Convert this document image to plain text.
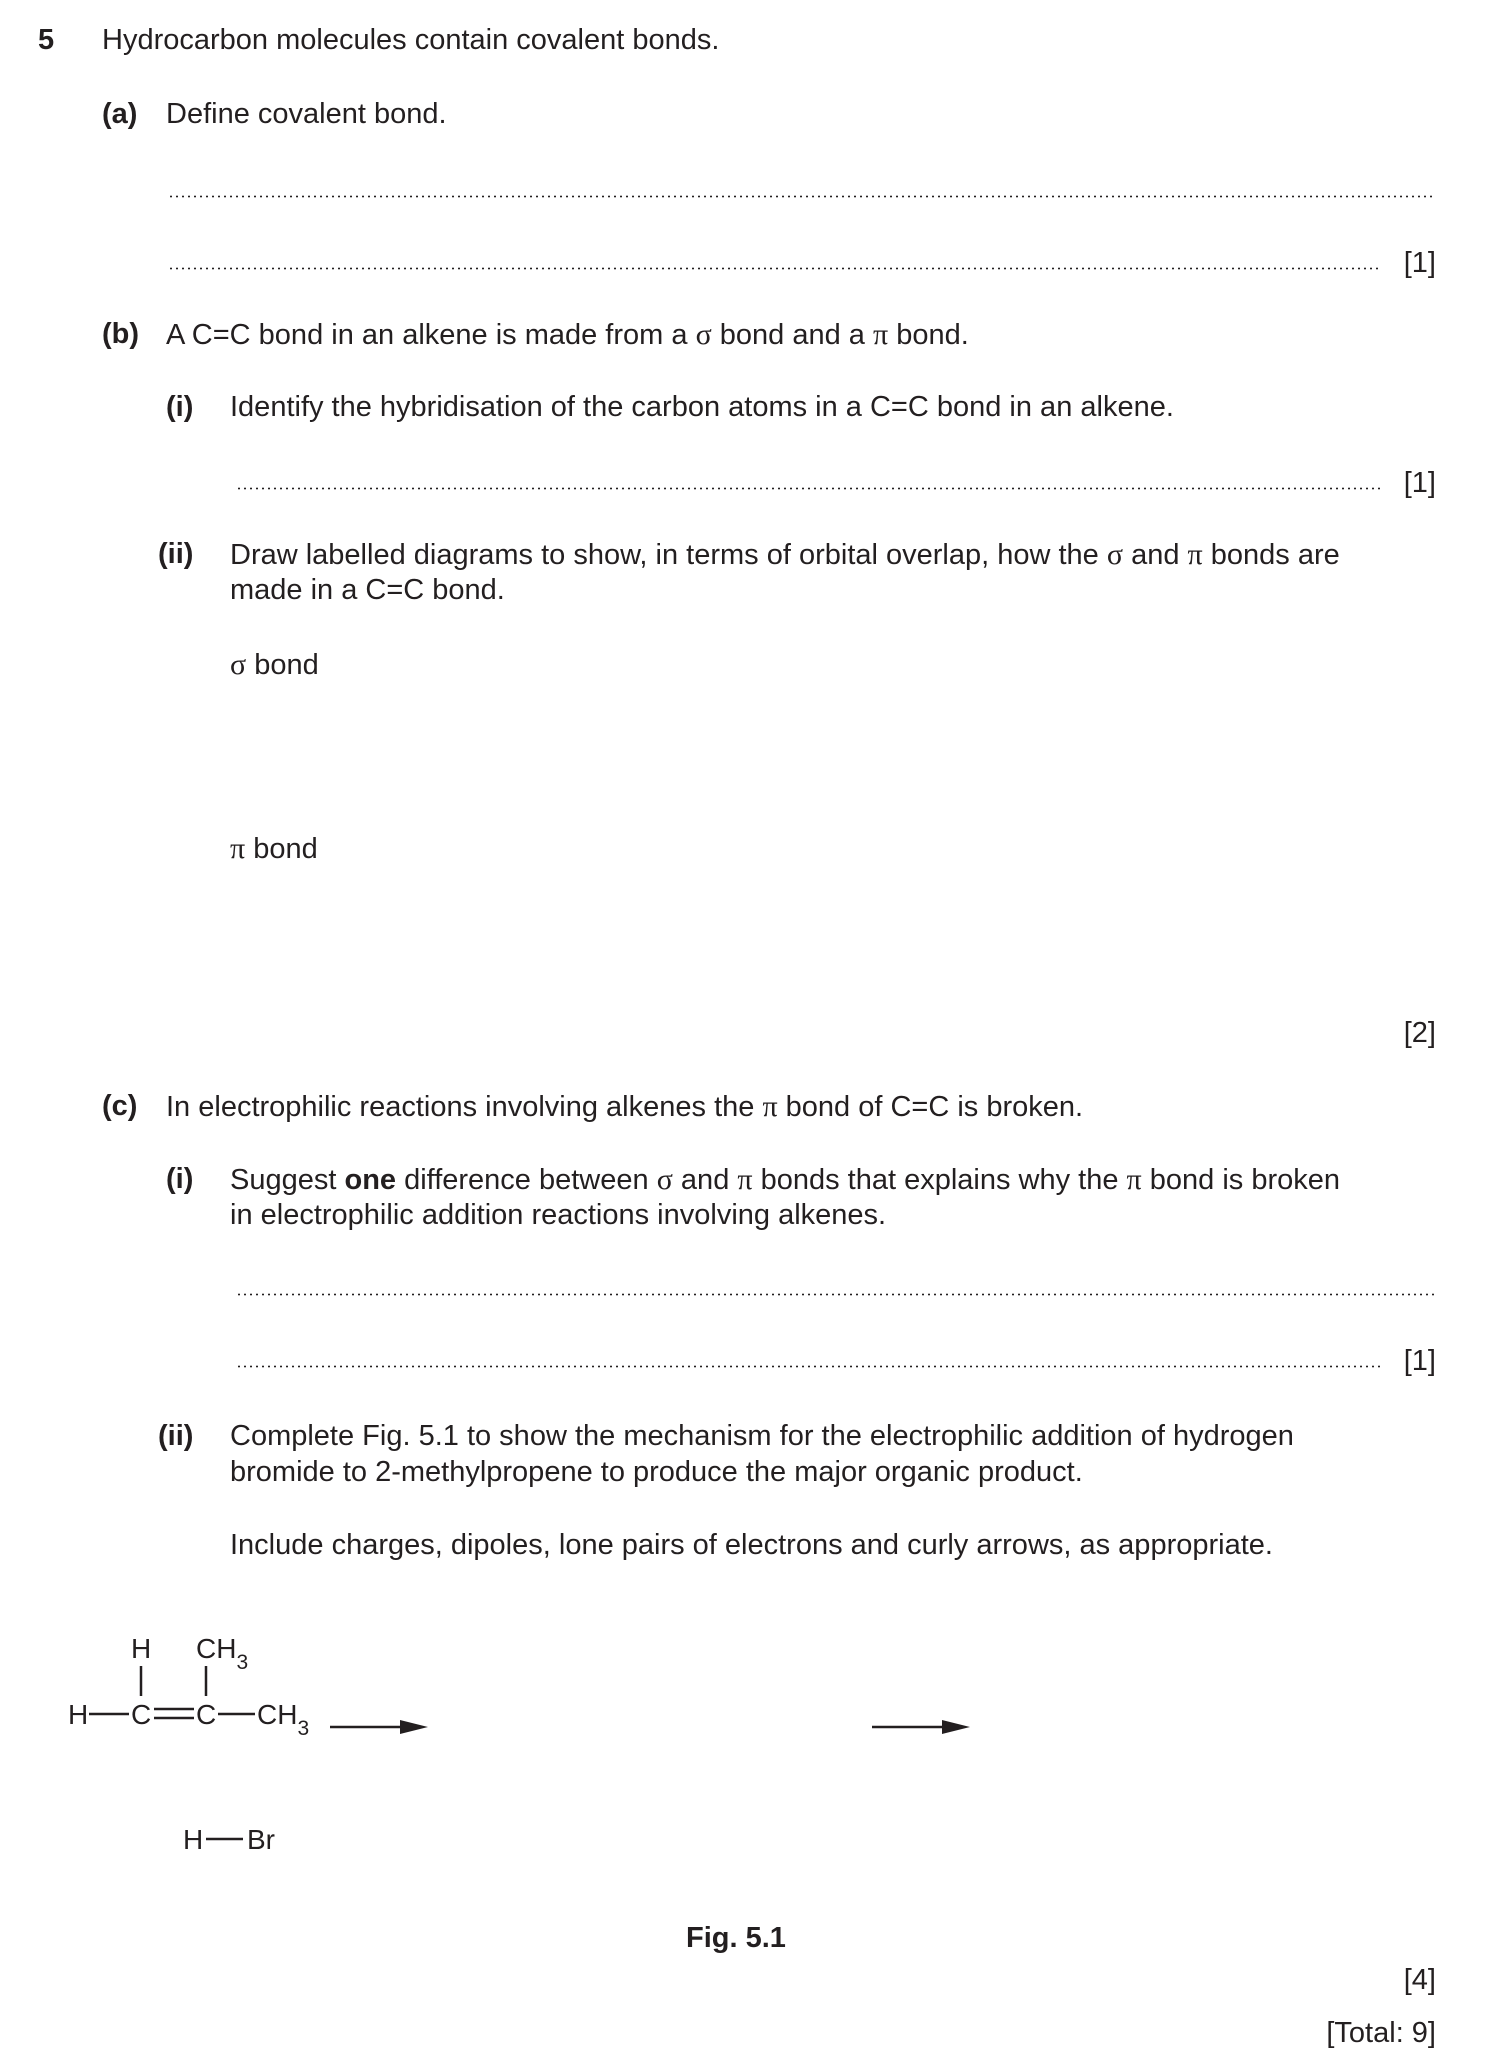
5 Hydrocarbon molecules contain covalent bonds.
(a) Define covalent bond.
[1]
(b) A C=C bond in an alkene is made from a σ bond and a π bond.
(i) Identify the hybridisation of the carbon atoms in a C=C bond in an alkene.
[1]
(ii) Draw labelled diagrams to show, in terms of orbital overlap, how the σ and π bonds are
made in a C=C bond.
σ bond
π bond
[2]
(c) In electrophilic reactions involving alkenes the π bond of C=C is broken.
(i) Suggest one difference between σ and π bonds that explains why the π bond is broken
in electrophilic addition reactions involving alkenes.
[1]
(ii) Complete Fig. 5.1 to show the mechanism for the electrophilic addition of hydrogen
bromide to 2-methylpropene to produce the major organic product.
Include charges, dipoles, lone pairs of electrons and curly arrows, as appropriate.
H $CH_3$
H C C $CH_3$
H Br
Fig. 5.1
[4]
[Total: 9]
